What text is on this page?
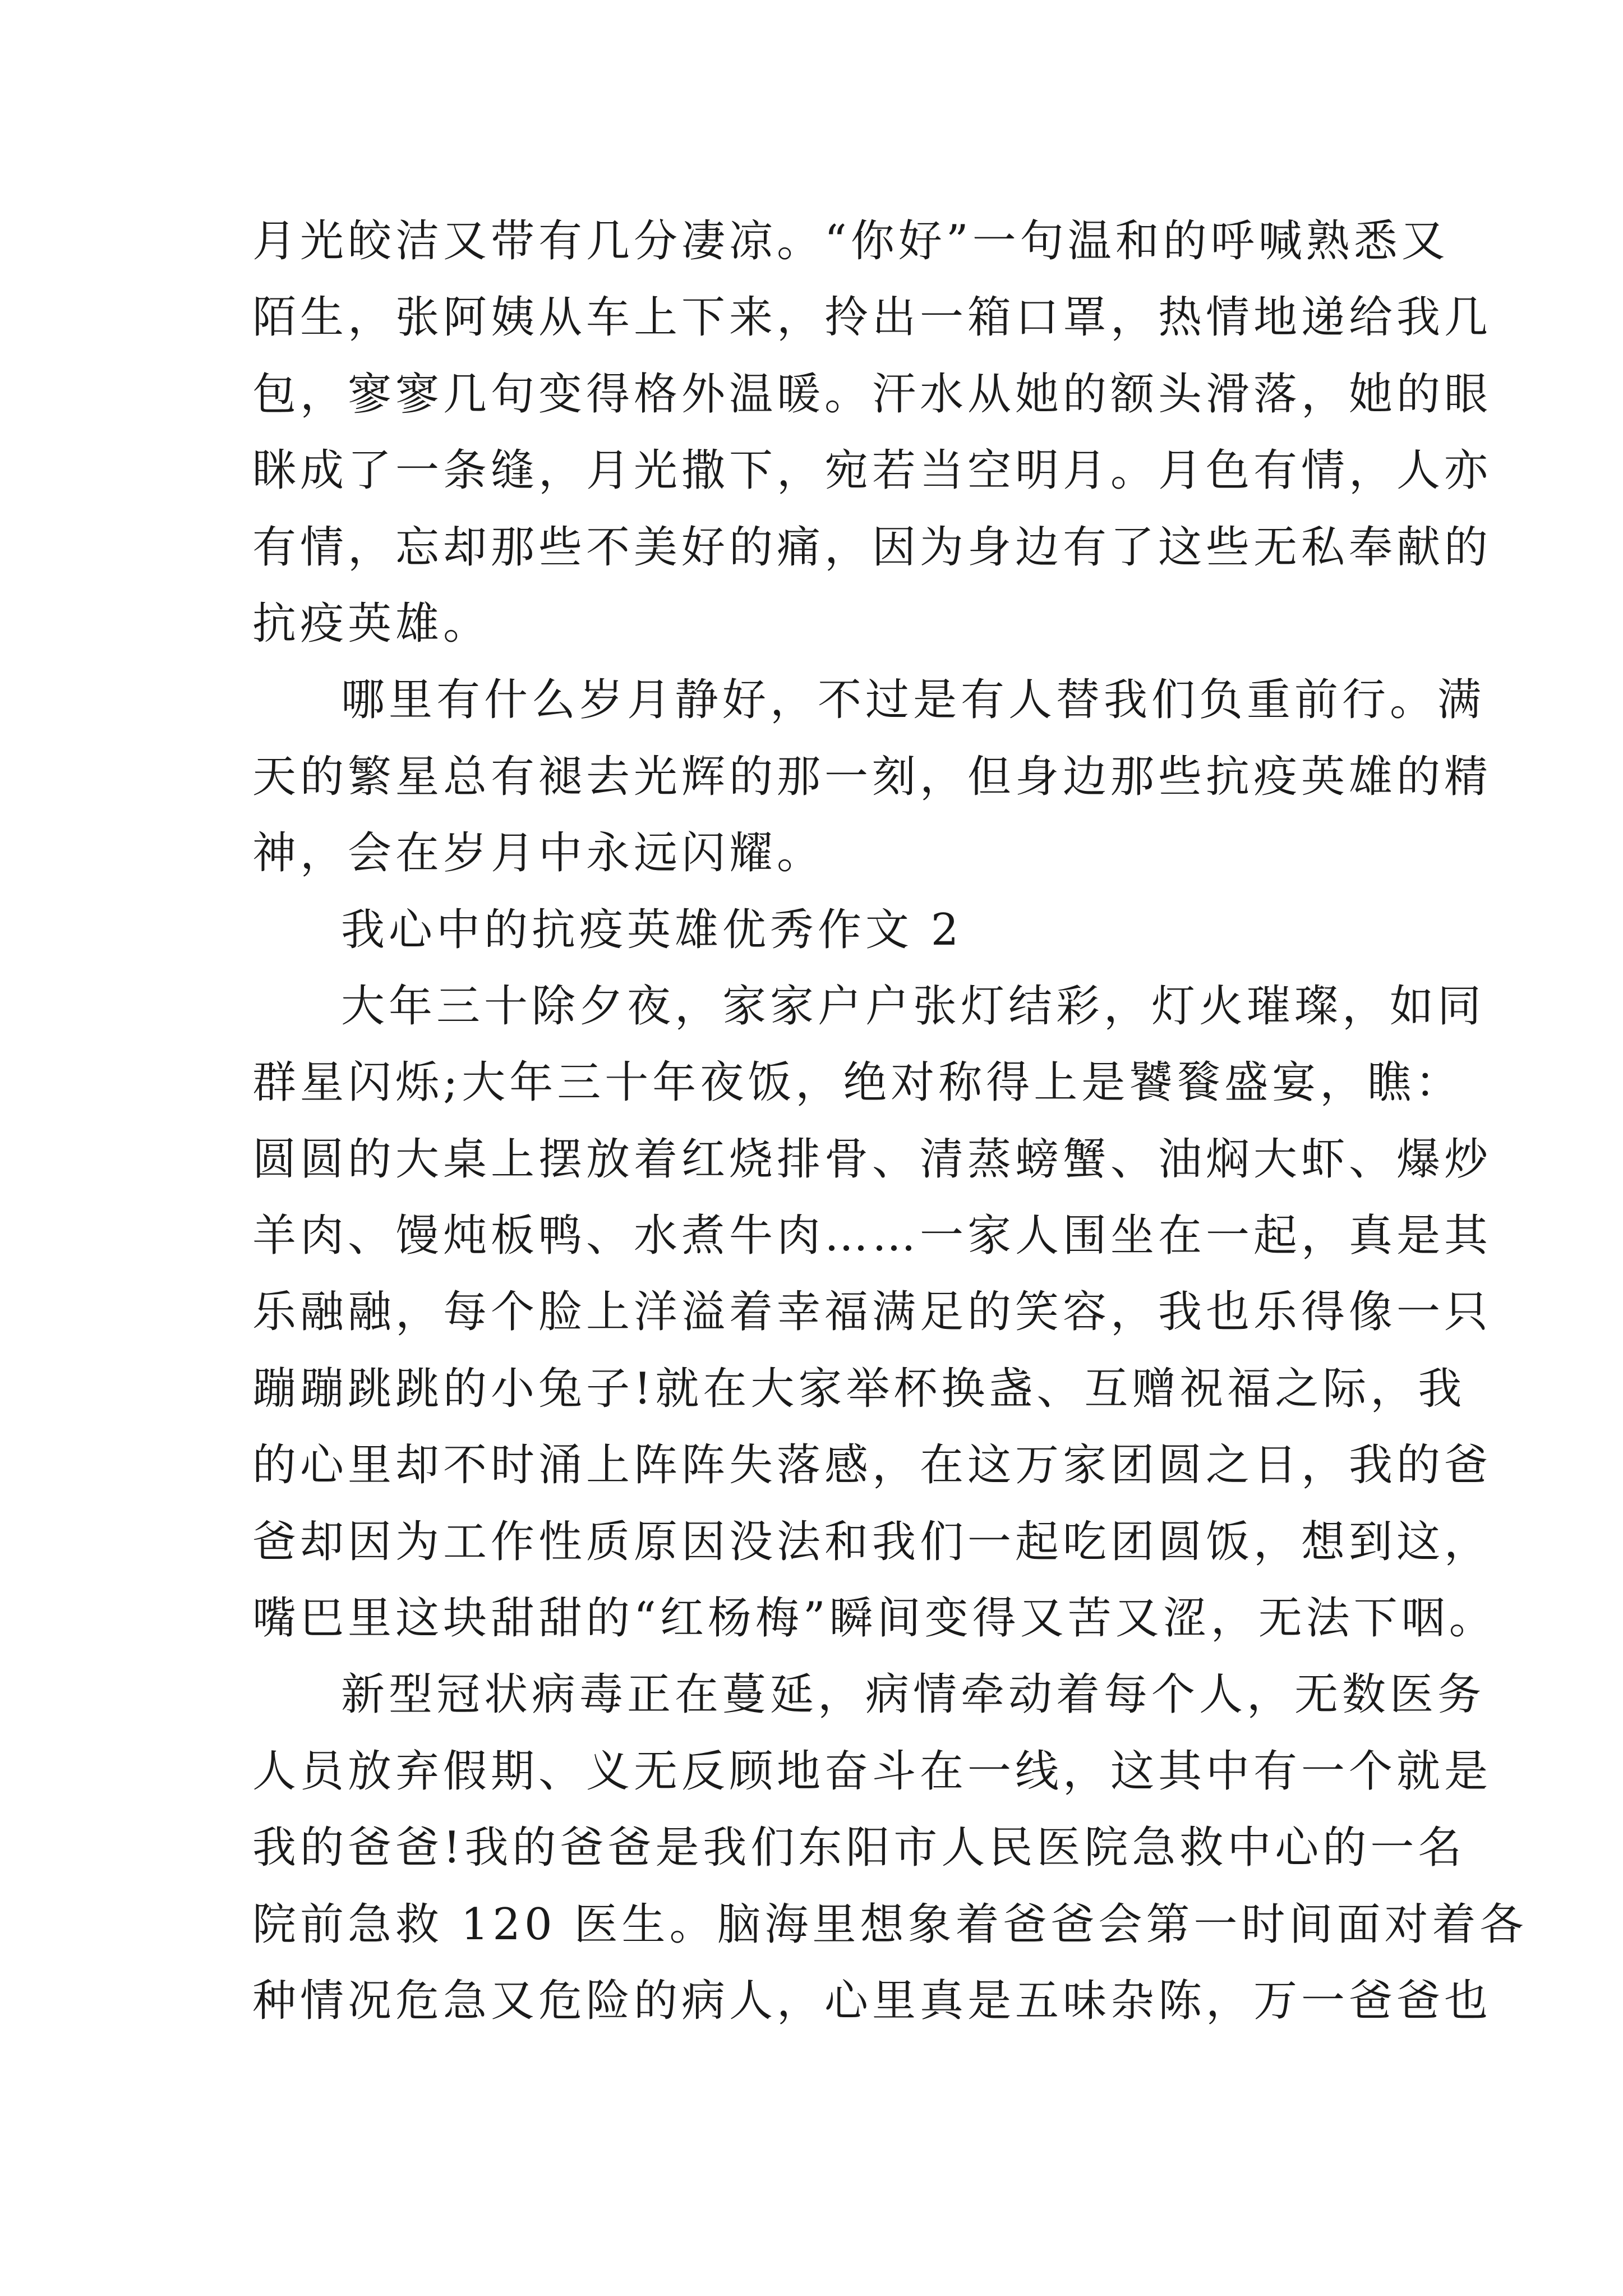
月光皎洁又带有几分凄凉。“你好”一句温和的呼喊熟悉又
陌生，张阿姨从车上下来，拎出一箱口罩，热情地递给我几
包，寥寥几句变得格外温暖。汗水从她的额头滑落，她的眼
眯成了一条缝，月光撒下，宛若当空明月。月色有情，人亦
有情，忘却那些不美好的痛，因为身边有了这些无私奉献的
抗疫英雄。
哪里有什么岁月静好，不过是有人替我们负重前行。满
天的繁星总有褪去光辉的那一刻，但身边那些抗疫英雄的精
神，会在岁月中永远闪耀。
我心中的抗疫英雄优秀作文 2
大年三十除夕夜，家家户户张灯结彩，灯火璀璨，如同
群星闪烁;大年三十年夜饭，绝对称得上是饕餮盛宴，瞧：
圆圆的大桌上摆放着红烧排骨、清蒸螃蟹、油焖大虾、爆炒
羊肉、馒炖板鸭、水煮牛肉……一家人围坐在一起，真是其
乐融融，每个脸上洋溢着幸福满足的笑容，我也乐得像一只
蹦蹦跳跳的小兔子!就在大家举杯换盏、互赠祝福之际，我
的心里却不时涌上阵阵失落感，在这万家团圆之日，我的爸
爸却因为工作性质原因没法和我们一起吃团圆饭，想到这，
嘴巴里这块甜甜的“红杨梅”瞬间变得又苦又涩，无法下咽。
新型冠状病毒正在蔓延，病情牵动着每个人，无数医务
人员放弃假期、义无反顾地奋斗在一线，这其中有一个就是
我的爸爸!我的爸爸是我们东阳市人民医院急救中心的一名
院前急救 120 医生。脑海里想象着爸爸会第一时间面对着各
种情况危急又危险的病人，心里真是五味杂陈，万一爸爸也
